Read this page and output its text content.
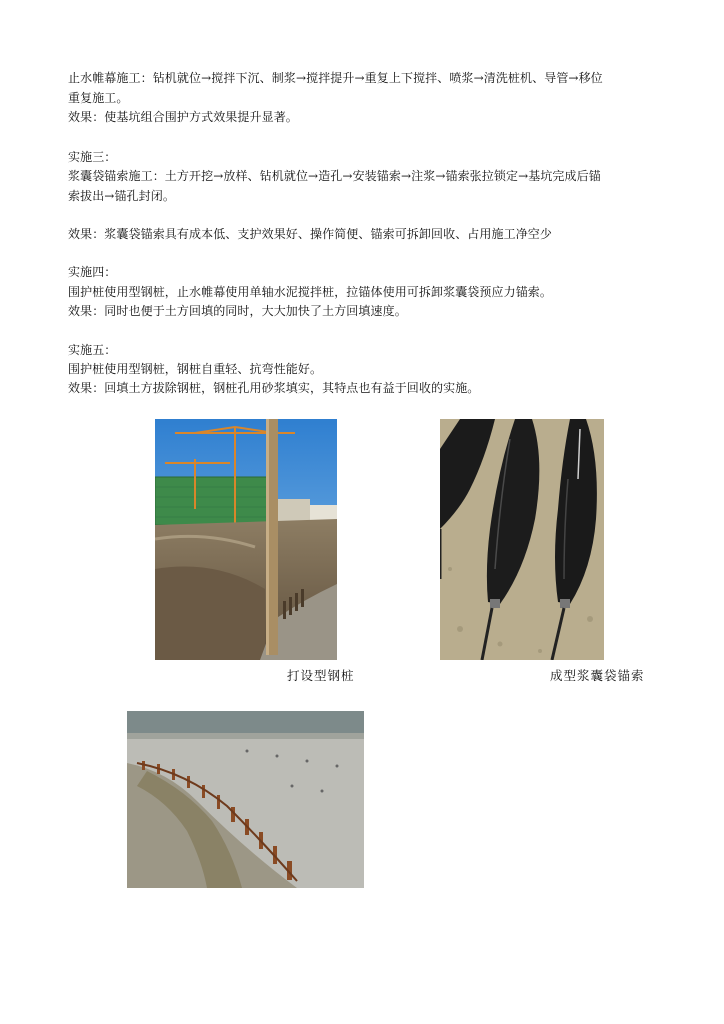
止水帷幕施工：钻机就位→搅拌下沉、制浆→搅拌提升→重复上下搅拌、喷浆→清洗桩机、导管→移位
重复施工。
效果：使基坑组合围护方式效果提升显著。
实施三：
浆囊袋锚索施工：土方开挖→放样、钻机就位→造孔→安装锚索→注浆→锚索张拉锁定→基坑完成后锚
索拔出→锚孔封闭。
效果：浆囊袋锚索具有成本低、支护效果好、操作简便、锚索可拆卸回收、占用施工净空少
实施四：
围护桩使用型钢桩，止水帷幕使用单轴水泥搅拌桩，拉锚体使用可拆卸浆囊袋预应力锚索。
效果：同时也便于土方回填的同时，大大加快了土方回填速度。
实施五：
围护桩使用型钢桩，钢桩自重轻、抗弯性能好。
效果：回填土方拔除钢桩，钢桩孔用砂浆填实，其特点也有益于回收的实施。
打设型钢桩	成型浆囊袋锚索
